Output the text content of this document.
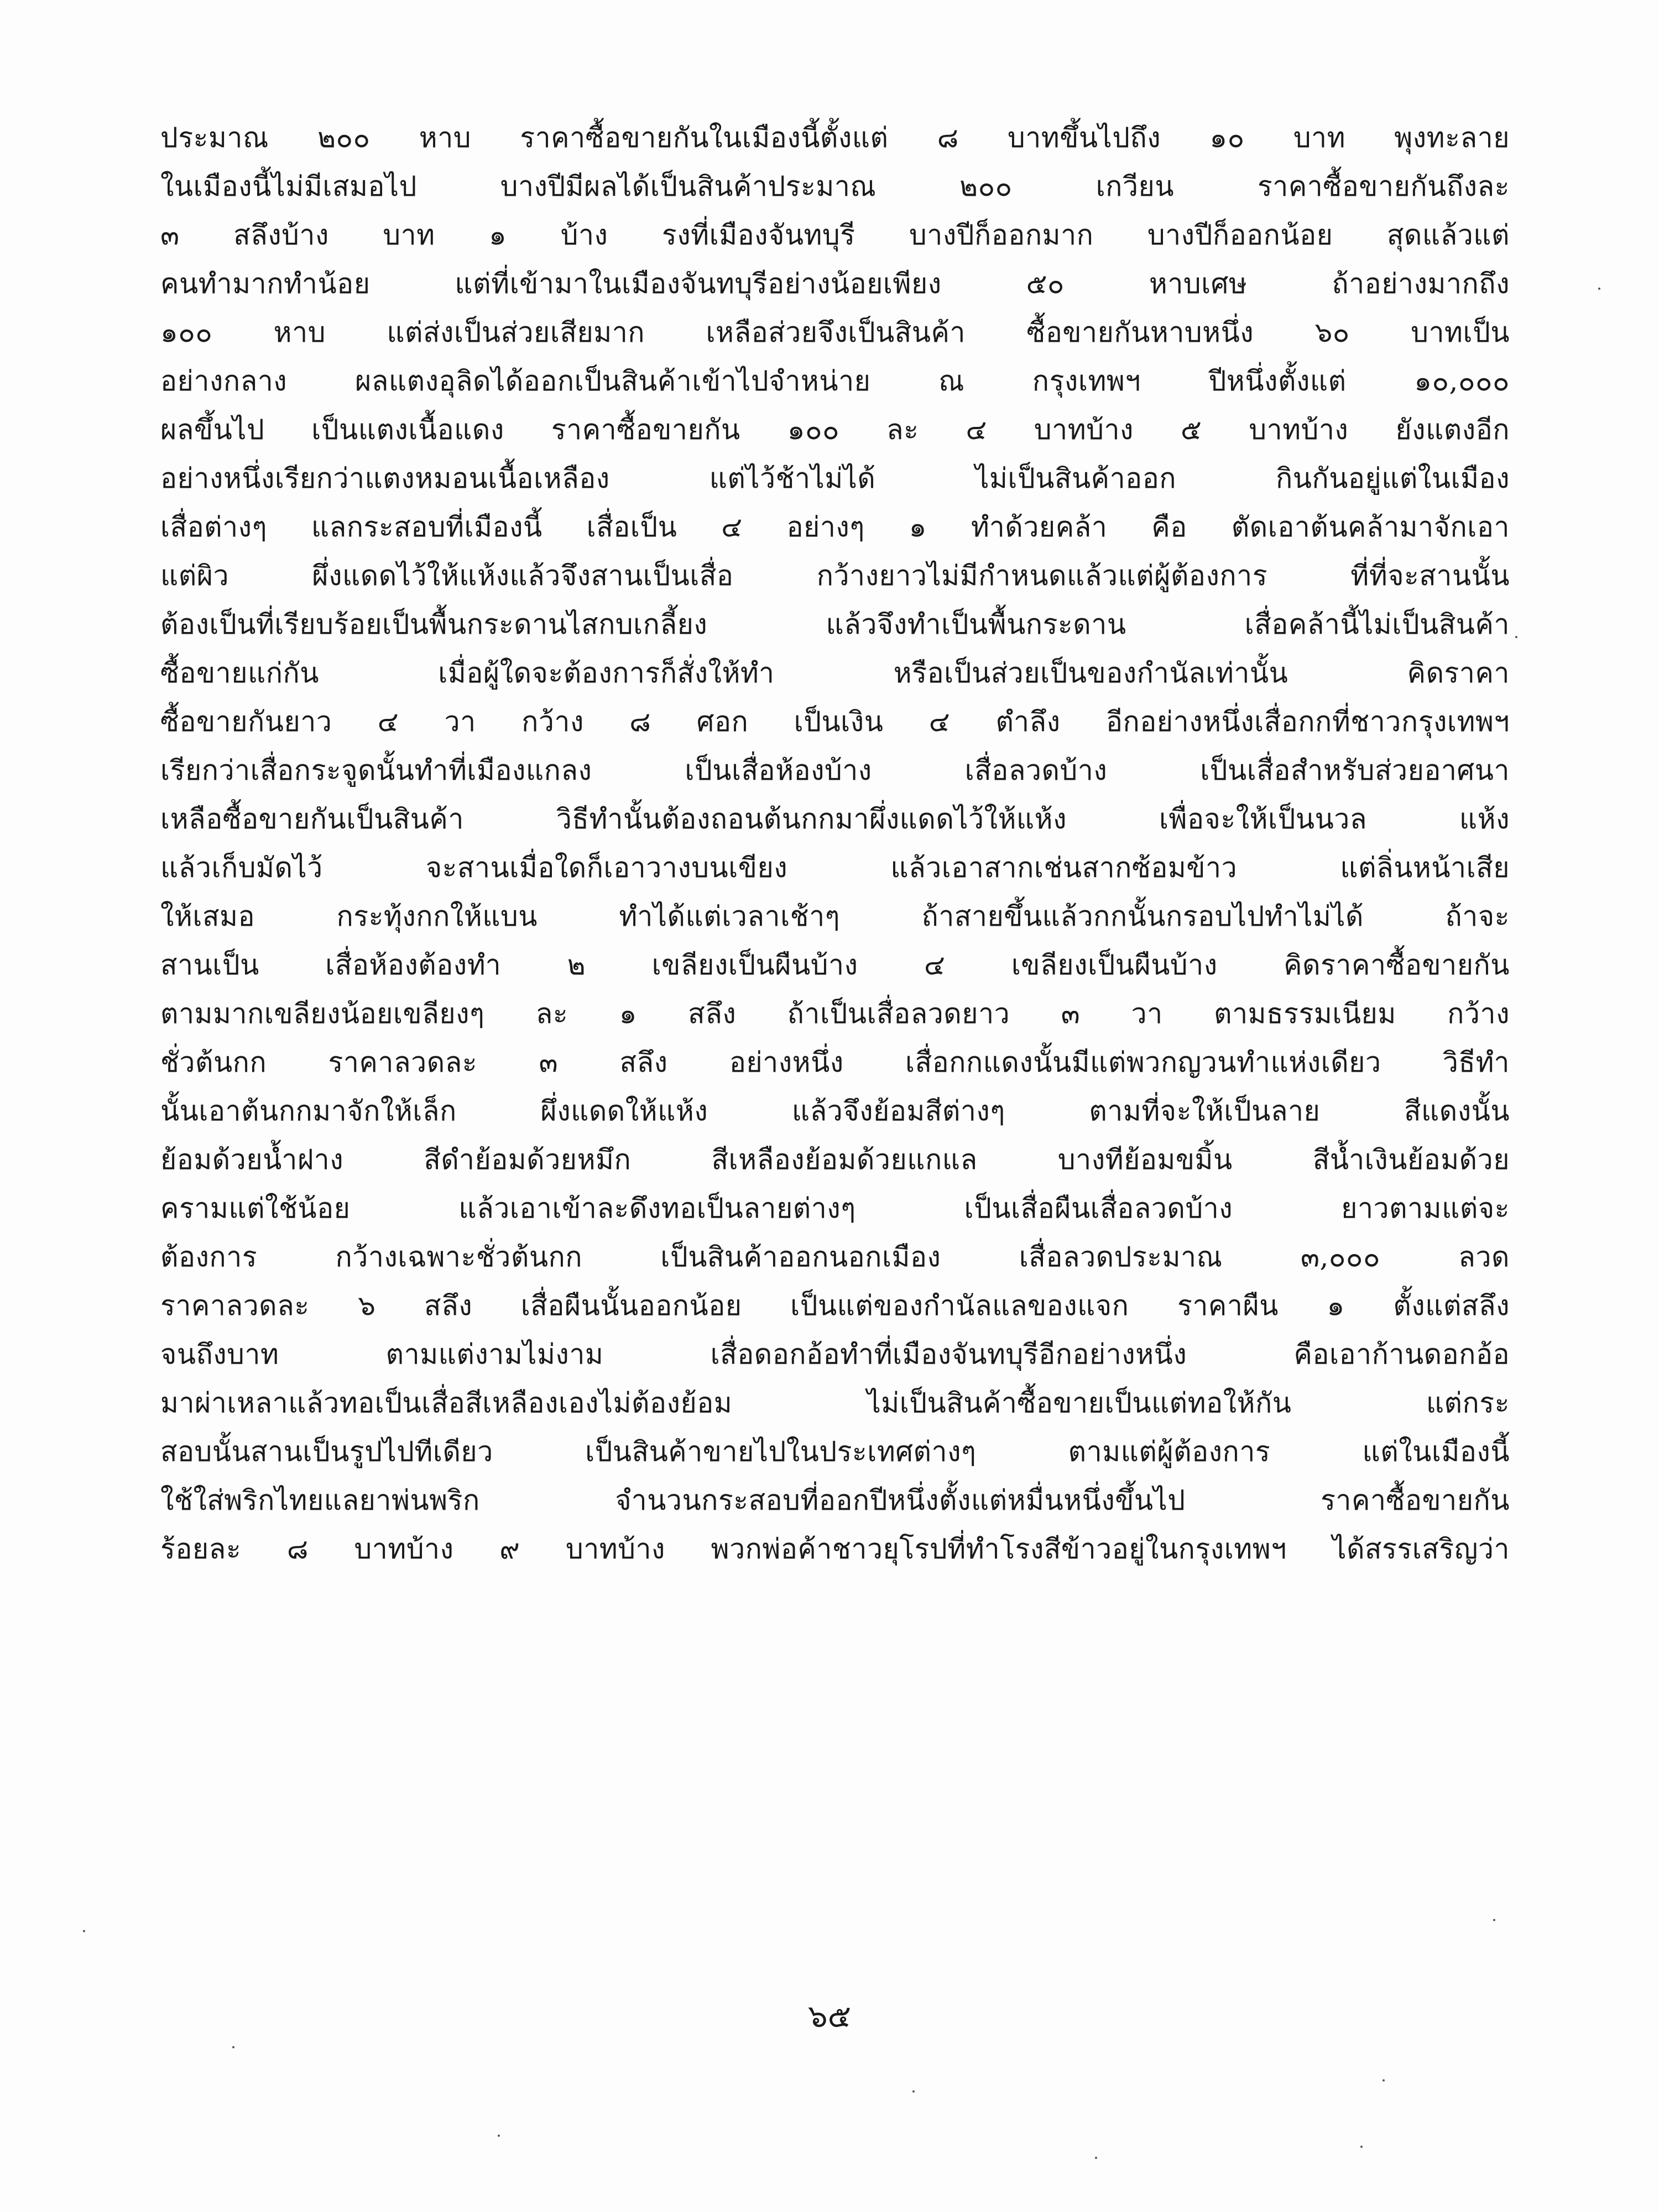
ประมาณ ๒๐๐ หาบ ราคาซื้อขายกันในเมืองนี้ตั้งแต่ ๘ บาทขึ้นไปถึง ๑๐ บาท พุงทะลาย

ในเมืองนี้ไม่มีเสมอไป บางปีมีผลได้เป็นสินค้าประมาณ ๒๐๐ เกวียน ราคาซื้อขายกันถึงละ

๓ สลึงบ้าง บาท ๑ บ้าง รงที่เมืองจันทบุรี บางปีก็ออกมาก บางปีก็ออกน้อย สุดแล้วแต่

คนทำมากทำน้อย แต่ที่เข้ามาในเมืองจันทบุรีอย่างน้อยเพียง ๕๐ หาบเศษ ถ้าอย่างมากถึง

๑๐๐ หาบ แต่ส่งเป็นส่วยเสียมาก เหลือส่วยจึงเป็นสินค้า ซื้อขายกันหาบหนึ่ง ๖๐ บาทเป็น

อย่างกลาง ผลแตงอุลิดได้ออกเป็นสินค้าเข้าไปจำหน่าย ณ กรุงเทพฯ ปีหนึ่งตั้งแต่ ๑๐,๐๐๐

ผลขึ้นไป เป็นแตงเนื้อแดง ราคาซื้อขายกัน ๑๐๐ ละ ๔ บาทบ้าง ๕ บาทบ้าง ยังแตงอีก

อย่างหนึ่งเรียกว่าแตงหมอนเนื้อเหลือง แต่ไว้ช้าไม่ได้ ไม่เป็นสินค้าออก กินกันอยู่แต่ในเมือง

เสื่อต่างๆ แลกระสอบที่เมืองนี้ เสื่อเป็น ๔ อย่างๆ ๑ ทำด้วยคล้า คือ ตัดเอาต้นคล้ามาจักเอา

แต่ผิว ผึ่งแดดไว้ให้แห้งแล้วจึงสานเป็นเสื่อ กว้างยาวไม่มีกำหนดแล้วแต่ผู้ต้องการ ที่ที่จะสานนั้น

ต้องเป็นที่เรียบร้อยเป็นพื้นกระดานไสกบเกลี้ยง แล้วจึงทำเป็นพื้นกระดาน เสื่อคล้านี้ไม่เป็นสินค้า

ซื้อขายแก่กัน เมื่อผู้ใดจะต้องการก็สั่งให้ทำ หรือเป็นส่วยเป็นของกำนัลเท่านั้น คิดราคา

ซื้อขายกันยาว ๔ วา กว้าง ๘ ศอก เป็นเงิน ๔ ตำลึง อีกอย่างหนึ่งเสื่อกกที่ชาวกรุงเทพฯ

เรียกว่าเสื่อกระจูดนั้นทำที่เมืองแกลง เป็นเสื่อห้องบ้าง เสื่อลวดบ้าง เป็นเสื่อสำหรับส่วยอาศนา

เหลือซื้อขายกันเป็นสินค้า วิธีทำนั้นต้องถอนต้นกกมาผึ่งแดดไว้ให้แห้ง เพื่อจะให้เป็นนวล แห้ง

แล้วเก็บมัดไว้ จะสานเมื่อใดก็เอาวางบนเขียง แล้วเอาสากเช่นสากซ้อมข้าว แต่ลิ่นหน้าเสีย

ให้เสมอ กระทุ้งกกให้แบน ทำได้แต่เวลาเช้าๆ ถ้าสายขึ้นแล้วกกนั้นกรอบไปทำไม่ได้ ถ้าจะ

สานเป็น เสื่อห้องต้องทำ ๒ เขลียงเป็นผืนบ้าง ๔ เขลียงเป็นผืนบ้าง คิดราคาซื้อขายกัน

ตามมากเขลียงน้อยเขลียงๆ ละ ๑ สลึง ถ้าเป็นเสื่อลวดยาว ๓ วา ตามธรรมเนียม กว้าง

ชั่วต้นกก ราคาลวดละ ๓ สลึง อย่างหนึ่ง เสื่อกกแดงนั้นมีแต่พวกญวนทำแห่งเดียว วิธีทำ

นั้นเอาต้นกกมาจักให้เล็ก ผึ่งแดดให้แห้ง แล้วจึงย้อมสีต่างๆ ตามที่จะให้เป็นลาย สีแดงนั้น

ย้อมด้วยน้ำฝาง สีดำย้อมด้วยหมึก สีเหลืองย้อมด้วยแกแล บางทีย้อมขมิ้น สีน้ำเงินย้อมด้วย

ครามแต่ใช้น้อย แล้วเอาเข้าละดึงทอเป็นลายต่างๆ เป็นเสื่อผืนเสื่อลวดบ้าง ยาวตามแต่จะ

ต้องการ กว้างเฉพาะชั่วต้นกก เป็นสินค้าออกนอกเมือง เสื่อลวดประมาณ ๓,๐๐๐ ลวด

ราคาลวดละ ๖ สลึง เสื่อผืนนั้นออกน้อย เป็นแต่ของกำนัลแลของแจก ราคาผืน ๑ ตั้งแต่สลึง

จนถึงบาท ตามแต่งามไม่งาม เสื่อดอกอ้อทำที่เมืองจันทบุรีอีกอย่างหนึ่ง คือเอาก้านดอกอ้อ

มาผ่าเหลาแล้วทอเป็นเสื่อสีเหลืองเองไม่ต้องย้อม ไม่เป็นสินค้าซื้อขายเป็นแต่ทอให้กัน แต่กระ

สอบนั้นสานเป็นรูปไปทีเดียว เป็นสินค้าขายไปในประเทศต่างๆ ตามแต่ผู้ต้องการ แต่ในเมืองนี้

ใช้ใส่พริกไทยแลยาพ่นพริก จำนวนกระสอบที่ออกปีหนึ่งตั้งแต่หมื่นหนึ่งขึ้นไป ราคาซื้อขายกัน

ร้อยละ ๘ บาทบ้าง ๙ บาทบ้าง พวกพ่อค้าชาวยุโรปที่ทำโรงสีข้าวอยู่ในกรุงเทพฯ ได้สรรเสริญว่า

๖๕
